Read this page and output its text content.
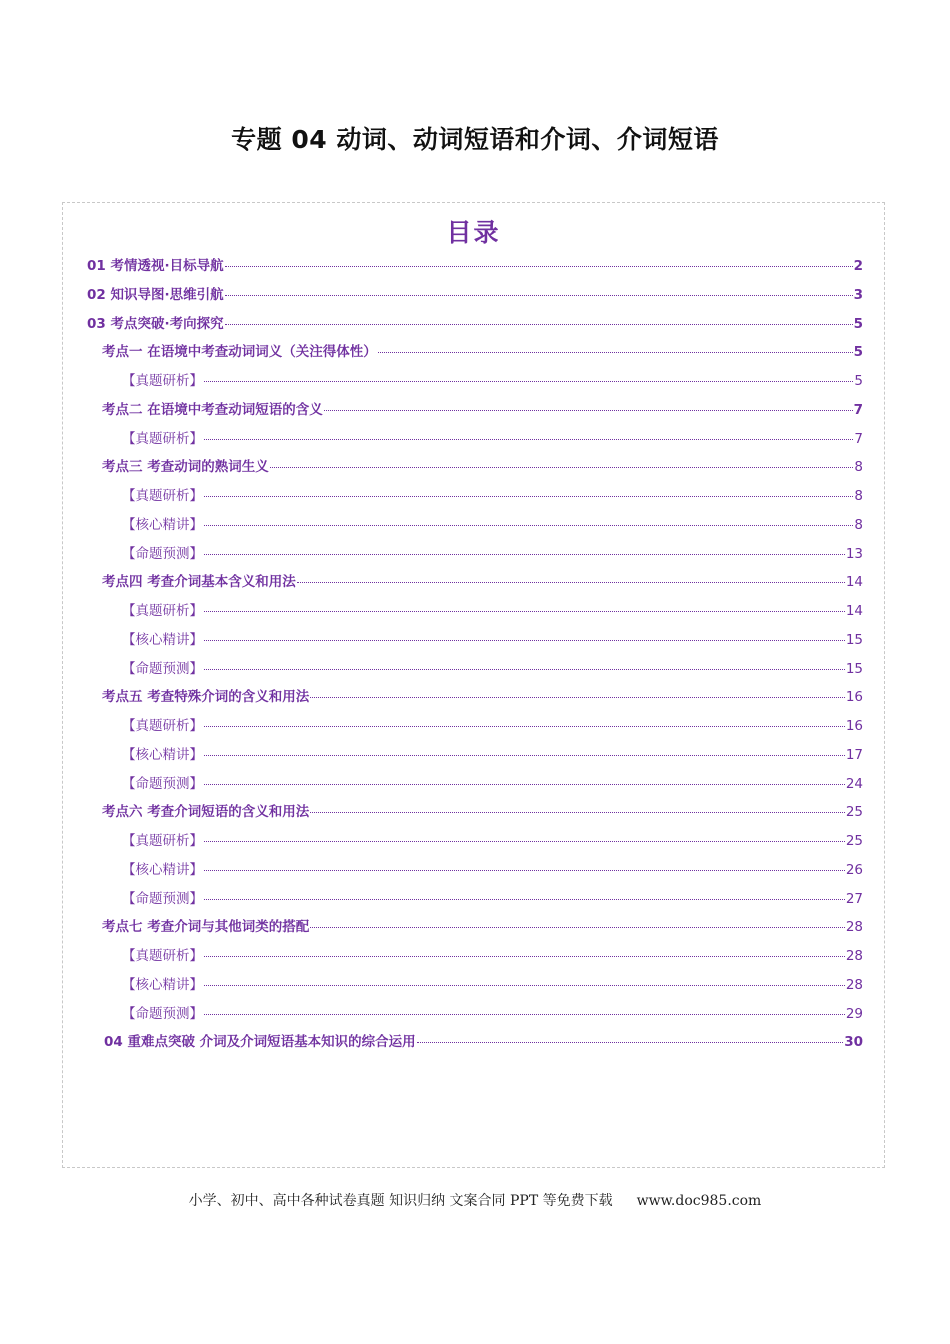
专题 04 动词、动词短语和介词、介词短语
目录
01 考情透视·目标导航	2
02 知识导图·思维引航	3
03 考点突破·考向探究	5
考点一 在语境中考查动词词义（关注得体性）	5
【真题研析】	5
考点二 在语境中考查动词短语的含义	7
【真题研析】	7
考点三 考查动词的熟词生义	8
【真题研析】	8
【核心精讲】	8
【命题预测】	13
考点四 考查介词基本含义和用法	14
【真题研析】	14
【核心精讲】	15
【命题预测】	15
考点五 考查特殊介词的含义和用法	16
【真题研析】	16
【核心精讲】	17
【命题预测】	24
考点六 考查介词短语的含义和用法	25
【真题研析】	25
【核心精讲】	26
【命题预测】	27
考点七 考查介词与其他词类的搭配	28
【真题研析】	28
【核心精讲】	28
【命题预测】	29
04 重难点突破 介词及介词短语基本知识的综合运用	30
小学、初中、高中各种试卷真题 知识归纳 文案合同 PPT 等免费下载 www.doc985.com
